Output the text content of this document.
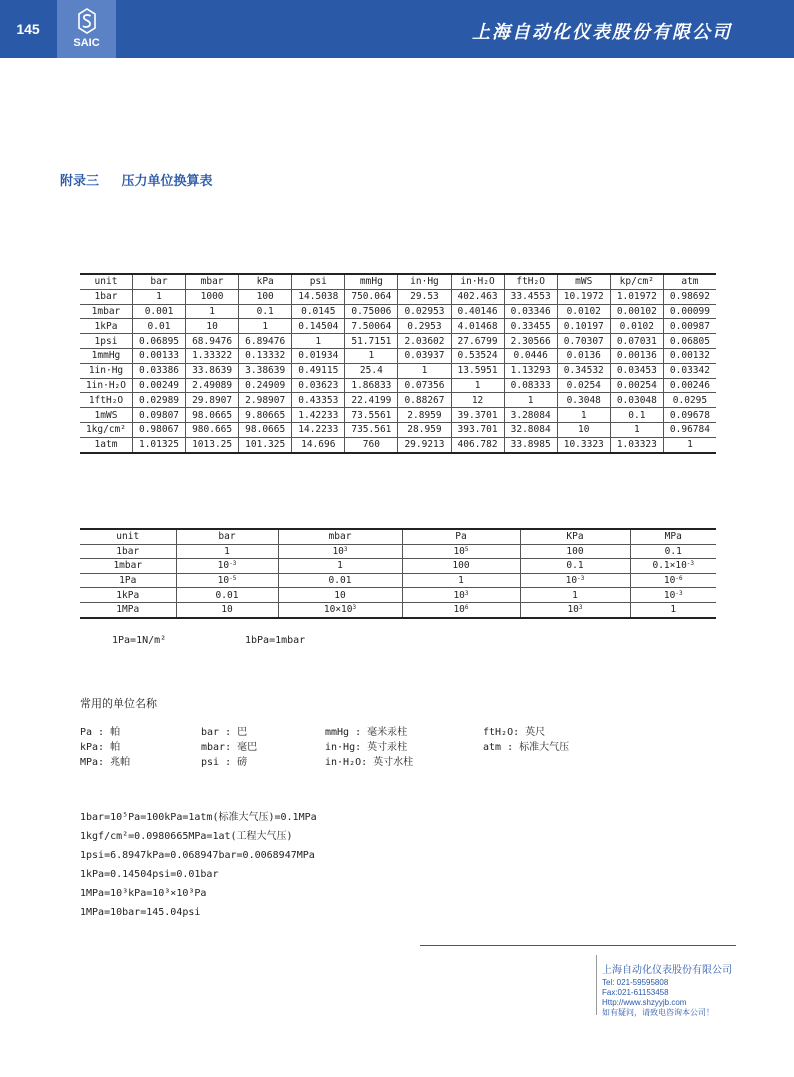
145
SAIC	上海自动化仪表股份有限公司
附录三 压力单位换算表
unit	bar	mbar	kPa	psi	mmHg	in·Hg	in·H₂O	ftH₂O	mWS	kp/cm²	atm
1bar	1	1000	100	14.5038	750.064	29.53	402.463	33.4553	10.1972	1.01972	0.98692
1mbar	0.001	1	0.1	0.0145	0.75006	0.02953	0.40146	0.03346	0.0102	0.00102	0.00099
1kPa	0.01	10	1	0.14504	7.50064	0.2953	4.01468	0.33455	0.10197	0.0102	0.00987
1psi	0.06895	68.9476	6.89476	1	51.7151	2.03602	27.6799	2.30566	0.70307	0.07031	0.06805
1mmHg	0.00133	1.33322	0.13332	0.01934	1	0.03937	0.53524	0.0446	0.0136	0.00136	0.00132
1in·Hg	0.03386	33.8639	3.38639	0.49115	25.4	1	13.5951	1.13293	0.34532	0.03453	0.03342
1in·H₂O	0.00249	2.49089	0.24909	0.03623	1.86833	0.07356	1	0.08333	0.0254	0.00254	0.00246
1ftH₂O	0.02989	29.8907	2.98907	0.43353	22.4199	0.88267	12	1	0.3048	0.03048	0.0295
1mWS	0.09807	98.0665	9.80665	1.42233	73.5561	2.8959	39.3701	3.28084	1	0.1	0.09678
1kg/cm²	0.98067	980.665	98.0665	14.2233	735.561	28.959	393.701	32.8084	10	1	0.96784
1atm	1.01325	1013.25	101.325	14.696	760	29.9213	406.782	33.8985	10.3323	1.03323	1
unit	bar	mbar	Pa	KPa	MPa
1bar	1	$10^3$	$10^5$	100	0.1
1mbar	$10^{-3}$	1	100	0.1	$0.1\times 10^{-3}$
1Pa	$10^{-5}$	0.01	1	$10^{-3}$	$10^{-6}$
1kPa	0.01	10	$10^3$	1	$10^{-3}$
1MPa	10	$10\times 10^3$	$10^6$	$10^3$	1
1Pa=1N/m²	1bPa=1mbar
常用的单位名称
Pa : 帕
kPa: 帕
MPa: 兆帕
bar : 巴
mbar: 毫巴
psi : 磅
mmHg : 毫米汞柱
in·Hg: 英寸汞柱
in·H₂O: 英寸水柱
ftH₂O: 英尺
atm : 标准大气压
1bar=10⁵Pa=100kPa=1atm(标准大气压)=0.1MPa
1kgf/cm²=0.0980665MPa=1at(工程大气压)
1psi=6.8947kPa=0.068947bar=0.0068947MPa
1kPa=0.14504psi=0.01bar
1MPa=10³kPa=10³×10³Pa
1MPa=10bar=145.04psi
上海自动化仪表股份有限公司
Tel: 021-59595808
Fax:021-61153458
Http://www.shzyyjb.com
如有疑问，请致电咨询本公司！
